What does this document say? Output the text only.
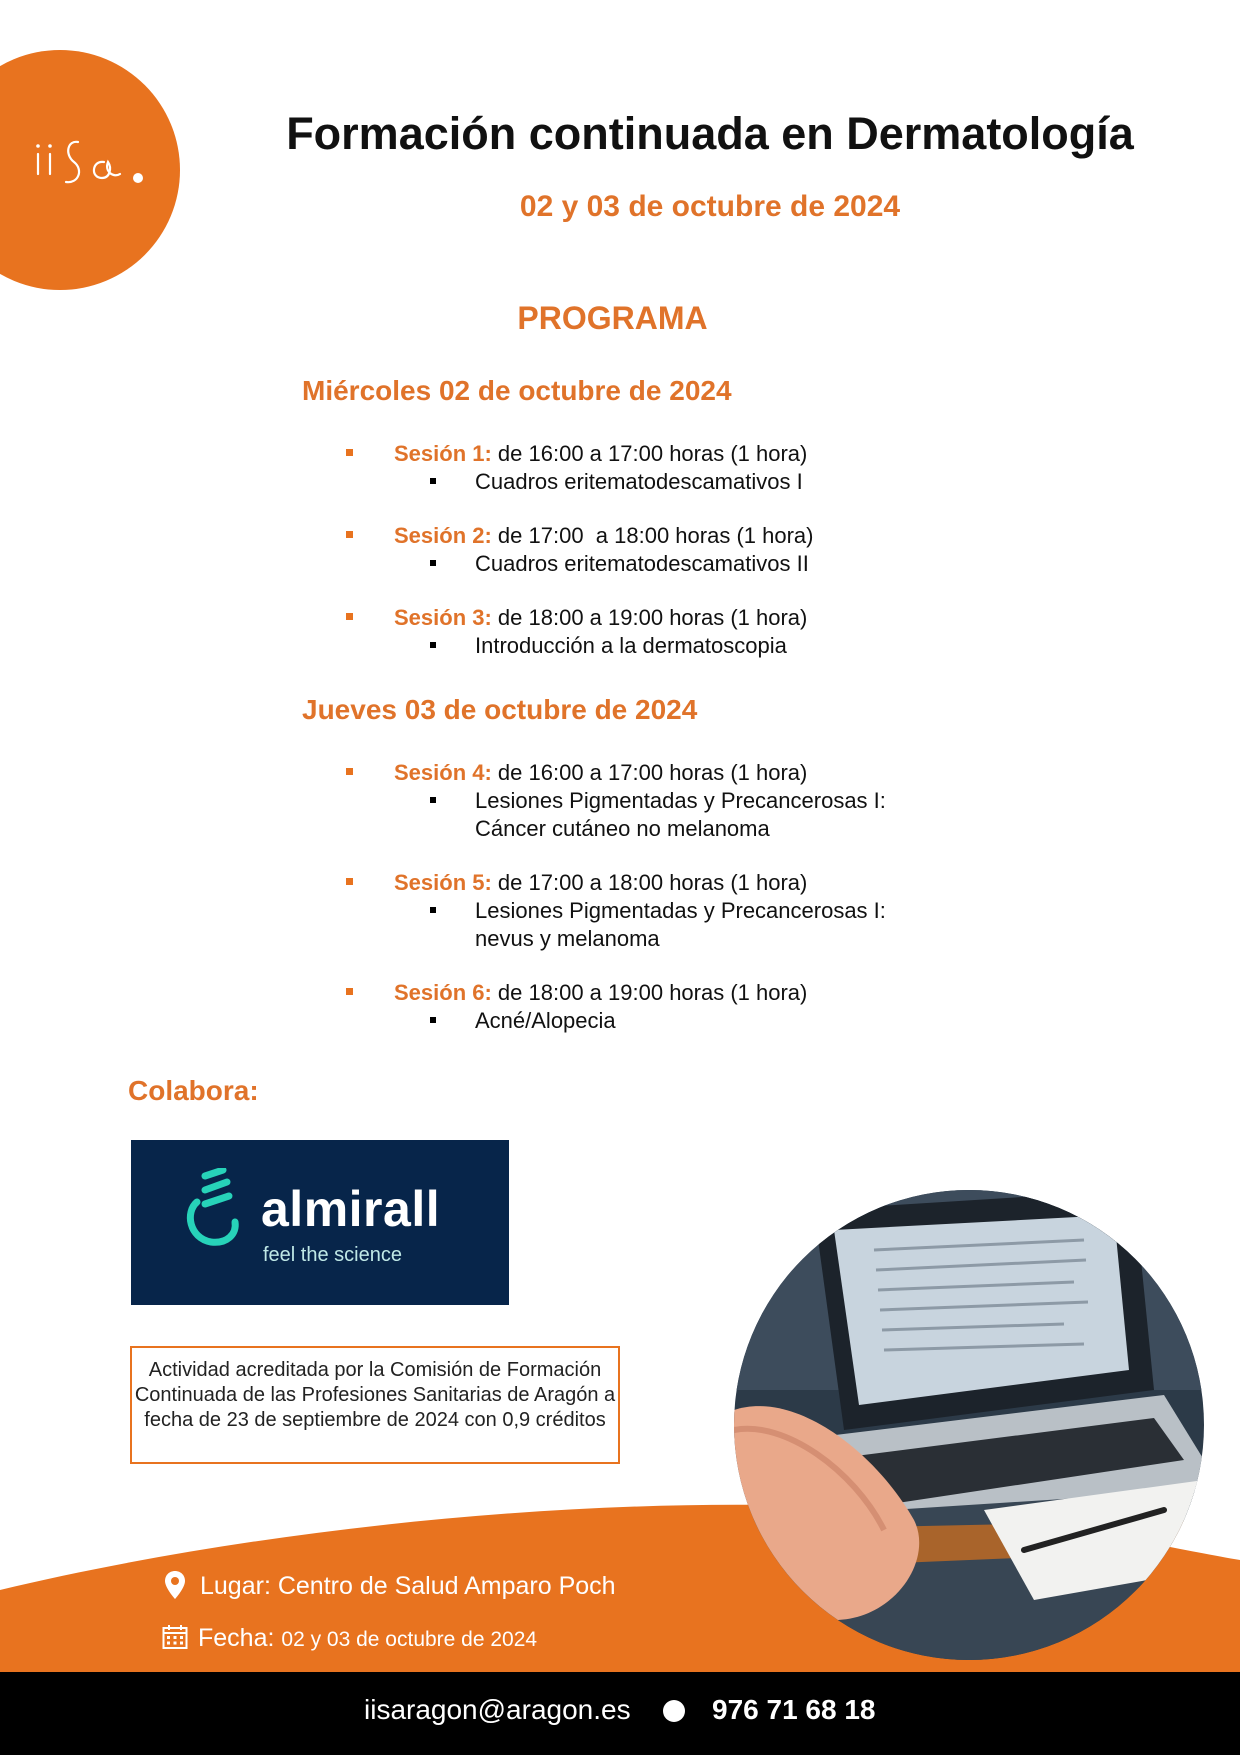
Formación continuada en Dermatología

02 y 03 de octubre de 2024

PROGRAMA
Miércoles 02 de octubre de 2024
Sesión 1: de 16:00 a 17:00 horas (1 hora)
Cuadros eritematodescamativos I
Sesión 2: de 17:00  a 18:00 horas (1 hora)
Cuadros eritematodescamativos II
Sesión 3: de 18:00 a 19:00 horas (1 hora)
Introducción a la dermatoscopia
Jueves 03 de octubre de 2024
Sesión 4: de 16:00 a 17:00 horas (1 hora)
Lesiones Pigmentadas y Precancerosas I: Cáncer cutáneo no melanoma
Sesión 5: de 17:00 a 18:00 horas (1 hora)
Lesiones Pigmentadas y Precancerosas I: nevus y melanoma
Sesión 6: de 18:00 a 19:00 horas (1 hora)
Acné/Alopecia
Colabora:
almirall
feel the science
Actividad acreditada por la Comisión de Formación Continuada de las Profesiones Sanitarias de Aragón a fecha de 23 de septiembre de 2024 con 0,9 créditos
Lugar: Centro de Salud Amparo Poch
Fecha: 02 y 03 de octubre de 2024
iisaragon@aragon.es	976 71 68 18
